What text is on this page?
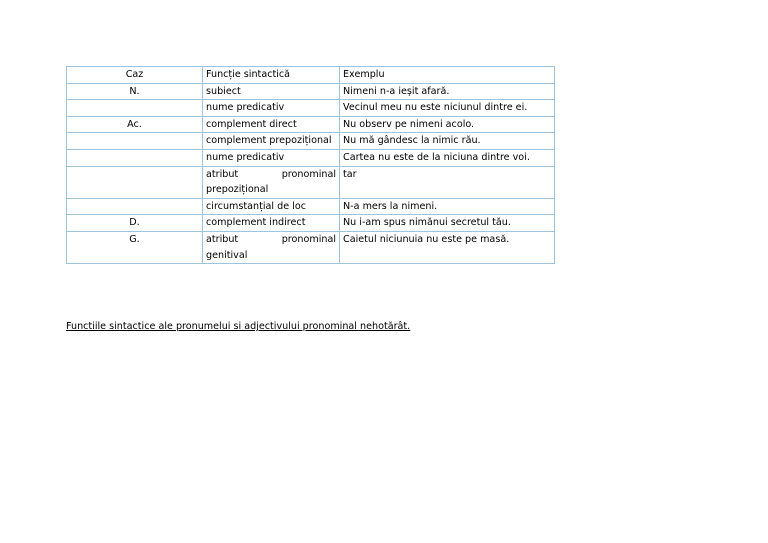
Caz	Funcție sintactică	Exemplu
N.	subiect	Nimeni n-a ieșit afară.
	nume predicativ	Vecinul meu nu este niciunul dintre ei.
Ac.	complement direct	Nu observ pe nimeni acolo.
	complement prepozițional	Nu mă gândesc la nimic rău.
	nume predicativ	Cartea nu este de la niciuna dintre voi.
	atribut pronominal prepozițional	tar
	circumstanțial de loc	N-a mers la nimeni.
D.	complement indirect	Nu i-am spus nimănui secretul tău.
G.	atribut pronominal genitival	Caietul niciunuia nu este pe masă.
Functiile sintactice ale pronumelui si adjectivului pronominal nehotărât.
